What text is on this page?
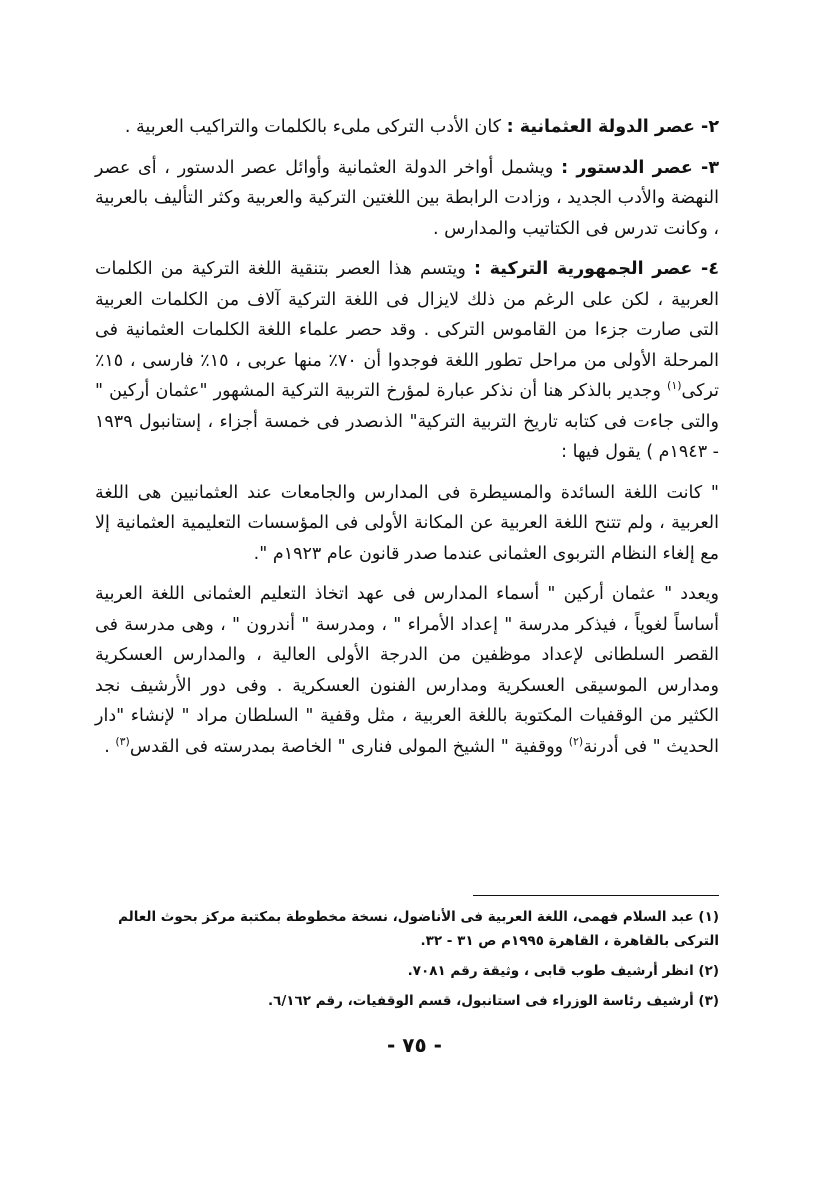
٢- عصر الدولة العثمانية : كان الأدب التركى ملىء بالكلمات والتراكيب العربية .

٣- عصر الدستور : ويشمل أواخر الدولة العثمانية وأوائل عصر الدستور ، أى عصر النهضة والأدب الجديد ، وزادت الرابطة بين اللغتين التركية والعربية وكثر التأليف بالعربية ، وكانت تدرس فى الكتاتيب والمدارس .

٤- عصر الجمهورية التركية : ويتسم هذا العصر بتنقية اللغة التركية من الكلمات العربية ، لكن على الرغم من ذلك لايزال فى اللغة التركية آلاف من الكلمات العربية التى صارت جزءا من القاموس التركى . وقد حصر علماء اللغة الكلمات العثمانية فى المرحلة الأولى من مراحل تطور اللغة فوجدوا أن ٧٠٪ منها عربى ، ١٥٪ فارسى ، ١٥٪ تركى$^{(١)}$ وجدير بالذكر هنا أن نذكر عبارة لمؤرخ التربية التركية المشهور "عثمان أركين " والتى جاءت فى كتابه تاريخ التربية التركية" الذىصدر فى خمسة أجزاء ، إستانبول ١٩٣٩ - ١٩٤٣م ) يقول فيها :

" كانت اللغة السائدة والمسيطرة فى المدارس والجامعات عند العثمانيين هى اللغة العربية ، ولم تتنح اللغة العربية عن المكانة الأولى فى المؤسسات التعليمية العثمانية إلا مع إلغاء النظام التربوى العثمانى عندما صدر قانون عام ١٩٢٣م ".

ويعدد " عثمان أركين " أسماء المدارس فى عهد اتخاذ التعليم العثمانى اللغة العربية أساساً لغوياً ، فيذكر مدرسة " إعداد الأمراء " ، ومدرسة " أندرون " ، وهى مدرسة فى القصر السلطانى لإعداد موظفين من الدرجة الأولى العالية ، والمدارس العسكرية ومدارس الموسيقى العسكرية ومدارس الفنون العسكرية . وفى دور الأرشيف نجد الكثير من الوقفيات المكتوبة باللغة العربية ، مثل وقفية " السلطان مراد " لإنشاء "دار الحديث " فى أدرنة$^{(٢)}$ ووقفية " الشيخ المولى فنارى " الخاصة بمدرسته فى القدس$^{(٣)}$ .

(١) عبد السلام فهمى، اللغة العربية فى الأناضول، نسخة مخطوطة بمكتبة مركز بحوث العالم التركى بالقاهرة ، القاهرة ١٩٩٥م ص ٣١ - ٣٢.

(٢) انظر أرشيف طوب قابى ، وثيقة رقم ٧٠٨١.

(٣) أرشيف رئاسة الوزراء فى استانبول، قسم الوقفيات، رقم ٦/١٦٢.

- ٧٥ -
